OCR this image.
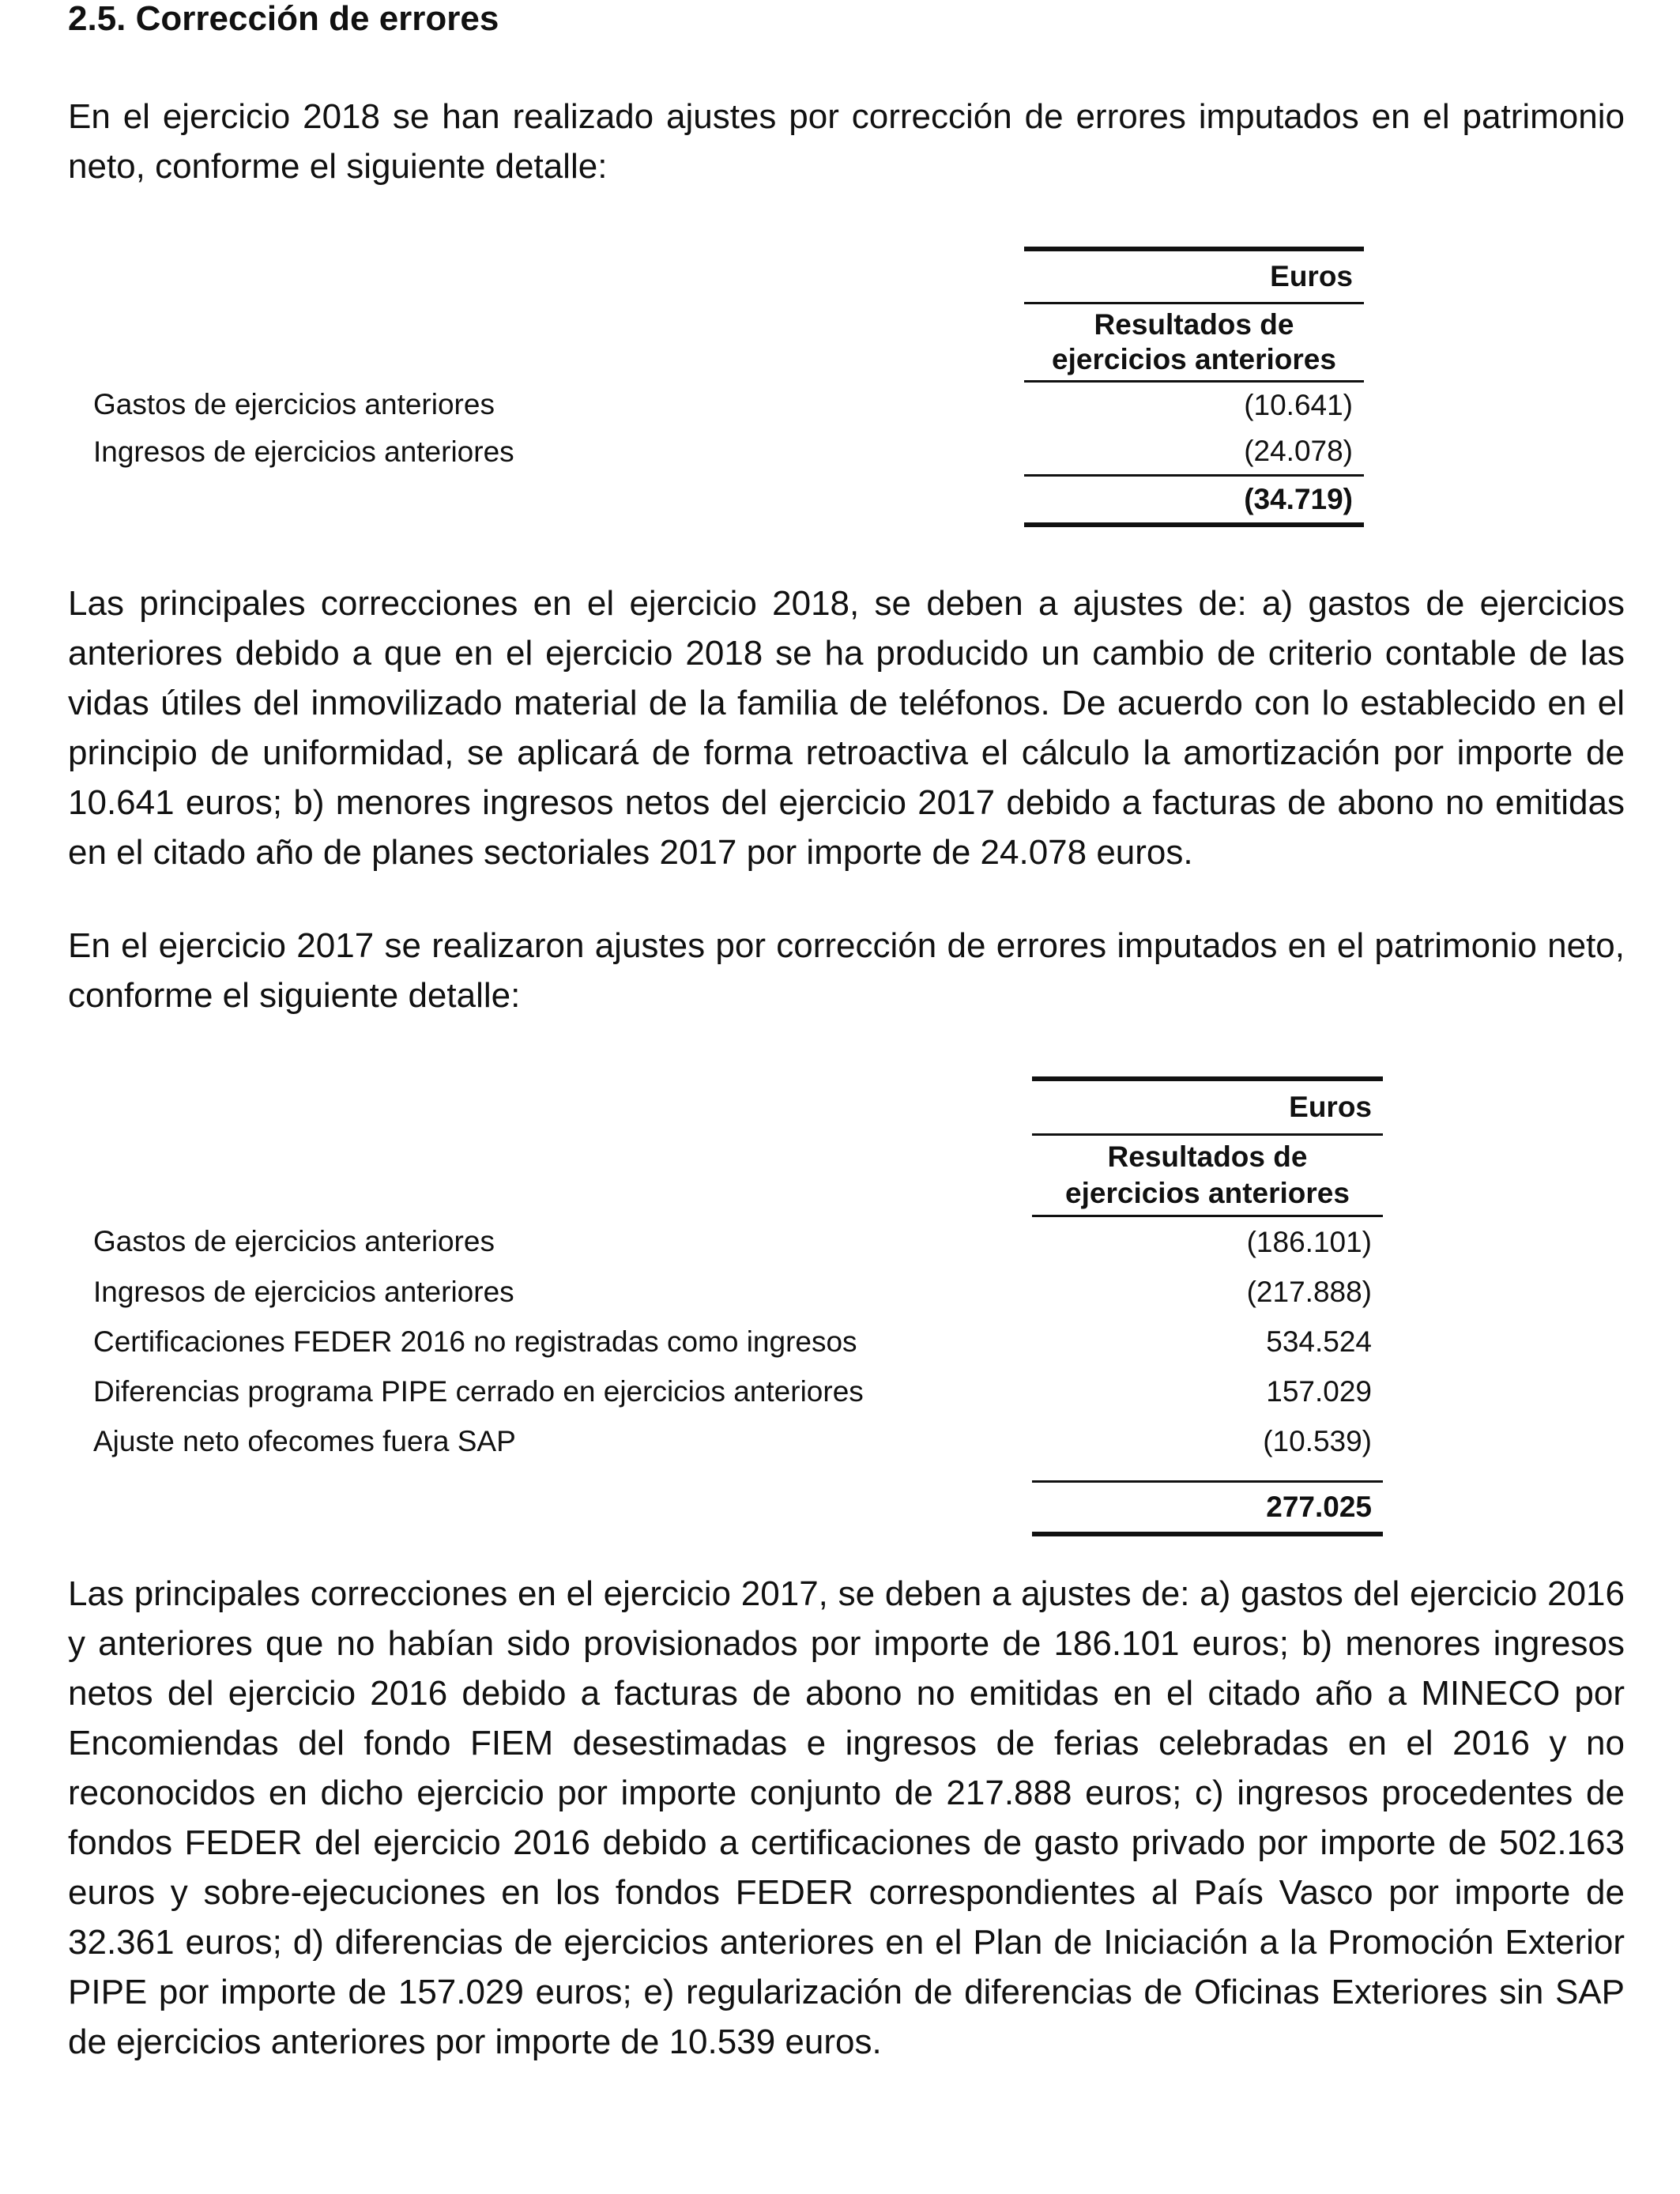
2.5. Corrección de errores

En el ejercicio 2018 se han realizado ajustes por corrección de errores imputados en el patrimonio neto, conforme el siguiente detalle:

	Euros
	Resultados de
ejercicios anteriores
Gastos de ejercicios anteriores	(10.641)
Ingresos de ejercicios anteriores	(24.078)
	(34.719)

Las principales correcciones en el ejercicio 2018, se deben a ajustes de: a) gastos de ejercicios anteriores debido a que en el ejercicio 2018 se ha producido un cambio de criterio contable de las vidas útiles del inmovilizado material de la familia de teléfonos. De acuerdo con lo establecido en el principio de uniformidad, se aplicará de forma retroactiva el cálculo la amortización por importe de 10.641 euros; b) menores ingresos netos del ejercicio 2017 debido a facturas de abono no emitidas en el citado año de planes sectoriales 2017 por importe de 24.078 euros.

En el ejercicio 2017 se realizaron ajustes por corrección de errores imputados en el patrimonio neto, conforme el siguiente detalle:

	Euros
	Resultados de
ejercicios anteriores
Gastos de ejercicios anteriores	(186.101)
Ingresos de ejercicios anteriores	(217.888)
Certificaciones FEDER 2016 no registradas como ingresos	534.524
Diferencias programa PIPE cerrado en ejercicios anteriores	157.029
Ajuste neto ofecomes fuera SAP	(10.539)

	277.025

Las principales correcciones en el ejercicio 2017, se deben a ajustes de: a) gastos del ejercicio 2016 y anteriores que no habían sido provisionados por importe de 186.101 euros; b) menores ingresos netos del ejercicio 2016 debido a facturas de abono no emitidas en el citado año a MINECO por Encomiendas del fondo FIEM desestimadas e ingresos de ferias celebradas en el 2016 y no reconocidos en dicho ejercicio por importe conjunto de 217.888 euros; c) ingresos procedentes de fondos FEDER del ejercicio 2016 debido a certificaciones de gasto privado por importe de 502.163 euros y sobre-ejecuciones en los fondos FEDER correspondientes al País Vasco por importe de 32.361 euros; d) diferencias de ejercicios anteriores en el Plan de Iniciación a la Promoción Exterior PIPE por importe de 157.029 euros; e) regularización de diferencias de Oficinas Exteriores sin SAP de ejercicios anteriores por importe de 10.539 euros.
